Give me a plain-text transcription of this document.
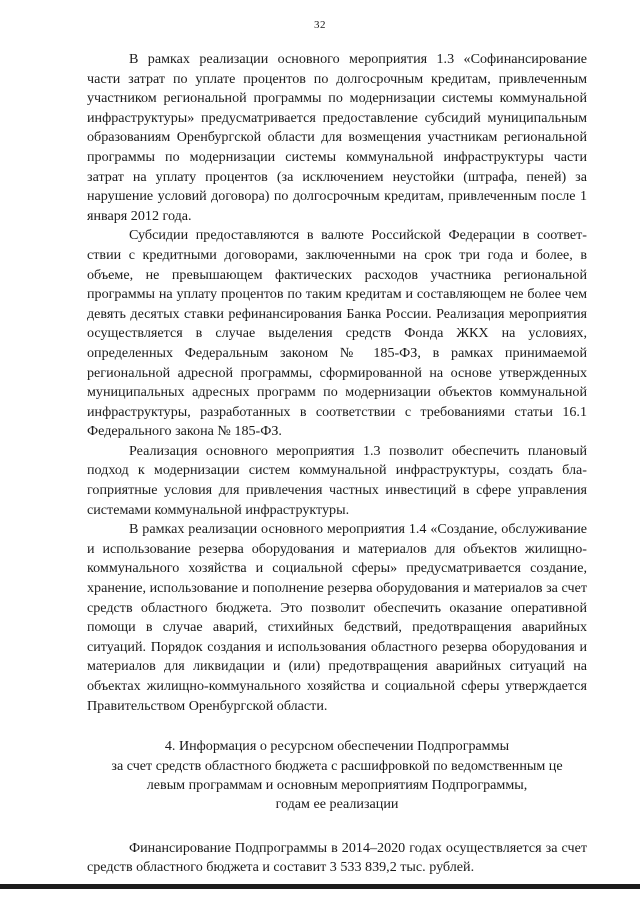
32

В рамках реализации основного мероприятия 1.3 «Софинансирование части затрат по уплате процентов по долгосрочным кредитам, привлеченным участником региональной программы по модернизации системы коммунальной инфраструктуры» предусматривается предоставление субсидий муниципальным образованиям Оренбургской области для возмещения участникам региональной программы по модернизации системы коммунальной инфраструктуры части затрат на уплату процентов (за исключением неустойки (штрафа, пеней) за нарушение условий договора) по долгосрочным кредитам, привлеченным после 1 января 2012 года.

Субсидии предоставляются в валюте Российской Федерации в соответствии с кредитными договорами, заключенными на срок три года и более, в объеме, не превышающем фактических расходов участника региональной программы на уплату процентов по таким кредитам и составляющем не более чем девять десятых ставки рефинансирования Банка России. Реализация мероприятия осуществляется в случае выделения средств Фонда ЖКХ на условиях, определенных Федеральным законом № 185-ФЗ, в рамках принимаемой региональной адресной программы, сформированной на основе утвержденных муниципальных адресных программ по модернизации объектов коммунальной инфраструктуры, разработанных в соответствии с требованиями статьи 16.1 Федерального закона № 185-ФЗ.

Реализация основного мероприятия 1.3 позволит обеспечить плановый подход к модернизации систем коммунальной инфраструктуры, создать благоприятные условия для привлечения частных инвестиций в сфере управления системами коммунальной инфраструктуры.

В рамках реализации основного мероприятия 1.4 «Создание, обслуживание и использование резерва оборудования и материалов для объектов жилищно-коммунального хозяйства и социальной сферы» предусматривается создание, хранение, использование и пополнение резерва оборудования и материалов за счет средств областного бюджета. Это позволит обеспечить оказание оперативной помощи в случае аварий, стихийных бедствий, предотвращения аварийных ситуаций. Порядок создания и использования областного резерва оборудования и материалов для ликвидации и (или) предотвращения аварийных ситуаций на объектах жилищно-коммунального хозяйства и социальной сферы утверждается Правительством Оренбургской области.

4. Информация о ресурсном обеспечении Подпрограммы
за счет средств областного бюджета с расшифровкой по ведомственным це
левым программам и основным мероприятиям Подпрограммы,
годам ее реализации

Финансирование Подпрограммы в 2014–2020 годах осуществляется за счет средств областного бюджета и составит 3 533 839,2 тыс. рублей.
